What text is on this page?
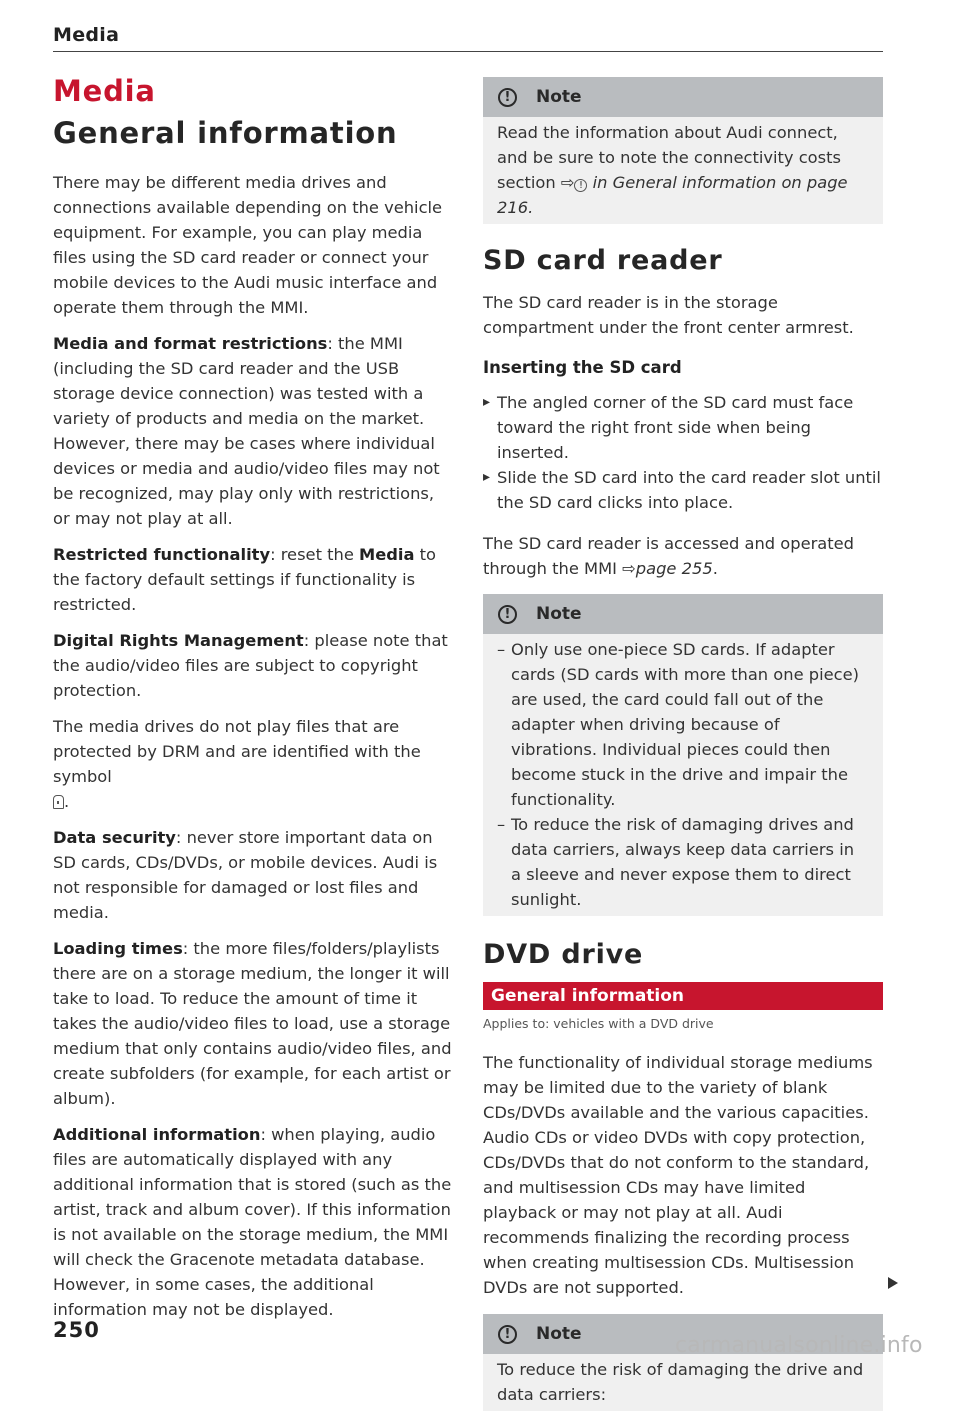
Media
Media
General information

There may be different media drives and connections available depending on the vehicle equipment. For example, you can play media files using the SD card reader or connect your mobile devices to the Audi music interface and operate them through the MMI.

Media and format restrictions: the MMI (including the SD card reader and the USB storage device connection) was tested with a variety of products and media on the market. However, there may be cases where individual devices or media and audio/video files may not be recognized, may play only with restrictions, or may not play at all.

Restricted functionality: reset the Media to the factory default settings if functionality is restricted.

Digital Rights Management: please note that the audio/video files are subject to copyright protection.

The media drives do not play files that are protected by DRM and are identified with the symbol
.

Data security: never store important data on SD cards, CDs/DVDs, or mobile devices. Audi is not responsible for damaged or lost files and media.

Loading times: the more files/folders/playlists there are on a storage medium, the longer it will take to load. To reduce the amount of time it takes the audio/video files to load, use a storage medium that only contains audio/video files, and create subfolders (for example, for each artist or album).

Additional information: when playing, audio files are automatically displayed with any additional information that is stored (such as the artist, track and album cover). If this information is not available on the storage medium, the MMI will check the Gracenote metadata database. However, in some cases, the additional information may not be displayed.

250
!	Note

Read the information about Audi connect, and be sure to note the connectivity costs section ⇨ ! in General information on page 216.

SD card reader

The SD card reader is in the storage compartment under the front center armrest.

Inserting the SD card

▸ The angled corner of the SD card must face toward the right front side when being inserted.
▸ Slide the SD card into the card reader slot until the SD card clicks into place.

The SD card reader is accessed and operated through the MMI ⇨page 255.

!	Note
– Only use one-piece SD cards. If adapter cards (SD cards with more than one piece) are used, the card could fall out of the adapter when driving because of vibrations. Individual pieces could then become stuck in the drive and impair the functionality.
– To reduce the risk of damaging drives and data carriers, always keep data carriers in a sleeve and never expose them to direct sunlight.
DVD drive
General information
Applies to: vehicles with a DVD drive

The functionality of individual storage mediums may be limited due to the variety of blank CDs/DVDs available and the various capacities. Audio CDs or video DVDs with copy protection, CDs/DVDs that do not conform to the standard, and multisession CDs may have limited playback or may not play at all. Audi recommends finalizing the recording process when creating multisession CDs. Multisession DVDs are not supported.

!	Note

To reduce the risk of damaging the drive and data carriers:

carmanualsonline.info
